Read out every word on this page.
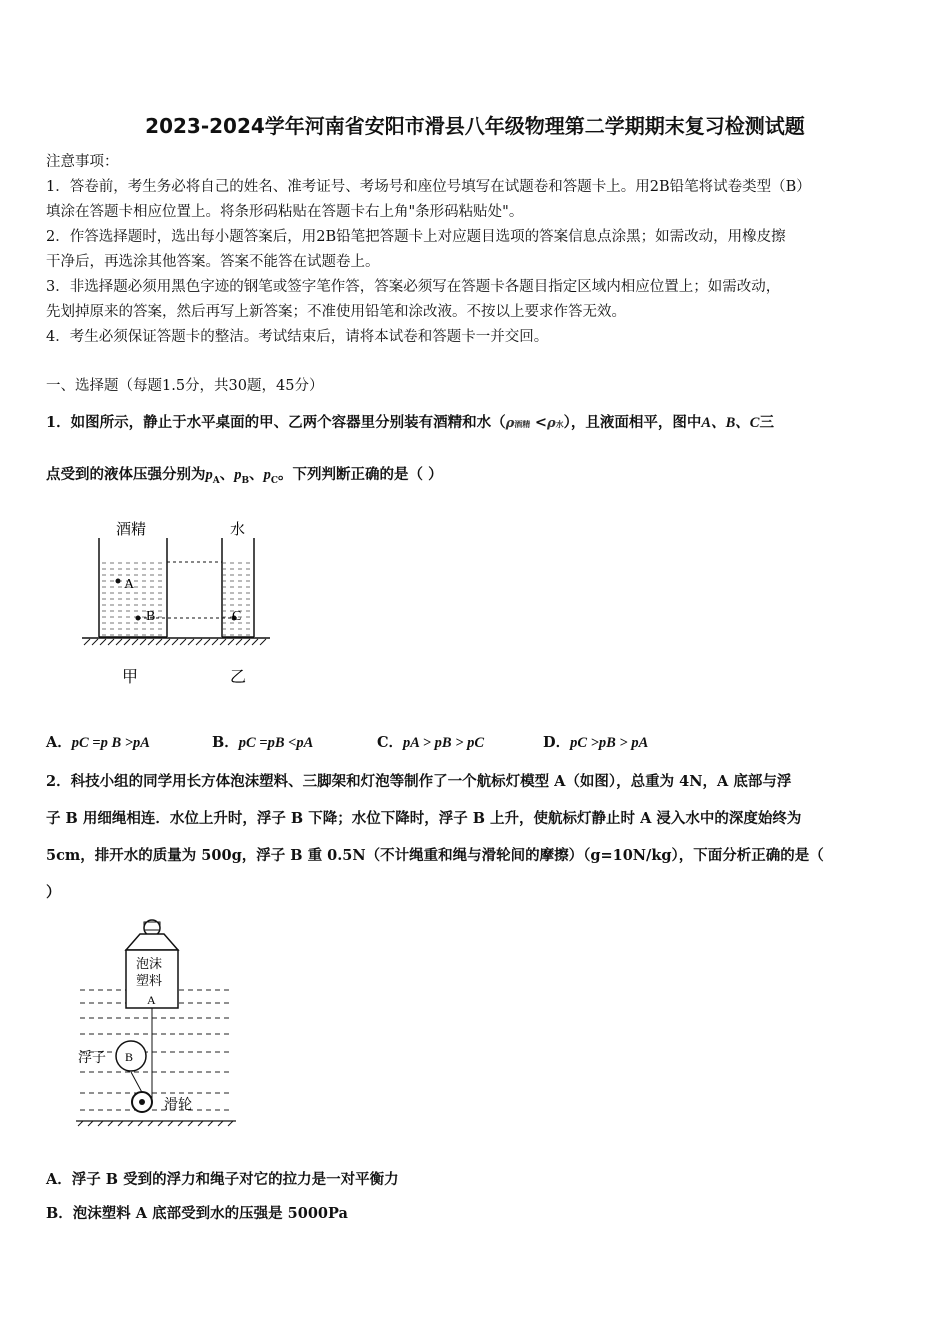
2023-2024学年河南省安阳市滑县八年级物理第二学期期末复习检测试题
注意事项：
1．答卷前，考生务必将自己的姓名、准考证号、考场号和座位号填写在试题卷和答题卡上。用2B铅笔将试卷类型（B）
填涂在答题卡相应位置上。将条形码粘贴在答题卡右上角"条形码粘贴处"。
2．作答选择题时，选出每小题答案后，用2B铅笔把答题卡上对应题目选项的答案信息点涂黑；如需改动，用橡皮擦
干净后，再选涂其他答案。答案不能答在试题卷上。
3．非选择题必须用黑色字迹的钢笔或签字笔作答，答案必须写在答题卡各题目指定区域内相应位置上；如需改动，
先划掉原来的答案，然后再写上新答案；不准使用铅笔和涂改液。不按以上要求作答无效。
4．考生必须保证答题卡的整洁。考试结束后，请将本试卷和答题卡一并交回。
一、选择题（每题1.5分，共30题，45分）
1．如图所示，静止于水平桌面的甲、乙两个容器里分别装有酒精和水（ρ酒精 <ρ水），且液面相平，图中A、B、C三
点受到的液体压强分别为$p_A$、$p_B$、$p_C$。下列判断正确的是（ ）
酒精	水
A
B	C
甲	乙
A．pC =p B >pA	B．pC =pB <pA	C．pA > pB > pC	D．pC >pB > pA
2．科技小组的同学用长方体泡沫塑料、三脚架和灯泡等制作了一个航标灯模型 A（如图），总重为 4N，A 底部与浮
子 B 用细绳相连．水位上升时，浮子 B 下降；水位下降时，浮子 B 上升，使航标灯静止时 A 浸入水中的深度始终为
5cm，排开水的质量为 500g，浮子 B 重 0.5N（不计绳重和绳与滑轮间的摩擦）（g=10N/kg），下面分析正确的是（
）
泡沫
塑料
A
浮子 B
滑轮
A．浮子 B 受到的浮力和绳子对它的拉力是一对平衡力
B．泡沫塑料 A 底部受到水的压强是 5000Pa
